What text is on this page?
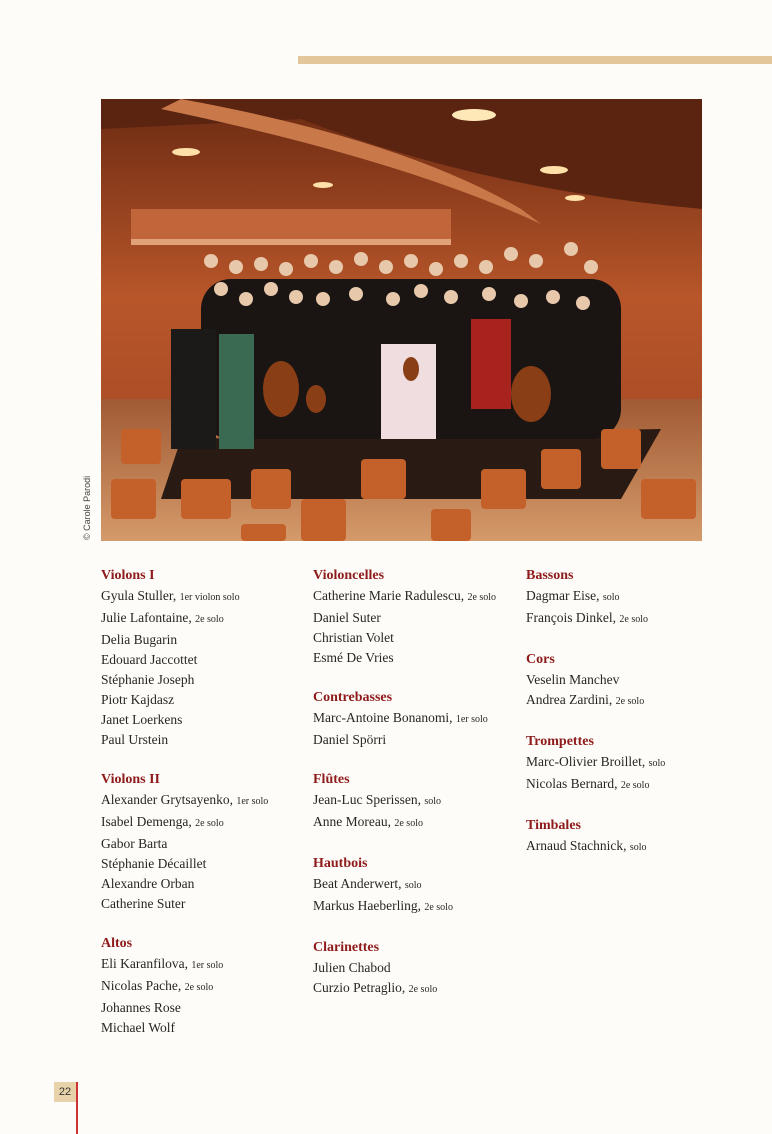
© Carole Parodi

Violons I

Gyula Stuller, 1er violon solo

Julie Lafontaine, 2e solo

Delia Bugarin

Edouard Jaccottet

Stéphanie Joseph

Piotr Kajdasz

Janet Loerkens

Paul Urstein

Violons II

Alexander Grytsayenko, 1er solo

Isabel Demenga, 2e solo

Gabor Barta

Stéphanie Décaillet

Alexandre Orban

Catherine Suter

Altos

Eli Karanfilova, 1er solo

Nicolas Pache, 2e solo

Johannes Rose

Michael Wolf

Violoncelles

Catherine Marie Radulescu, 2e solo

Daniel Suter

Christian Volet

Esmé De Vries

Contrebasses

Marc-Antoine Bonanomi, 1er solo

Daniel Spörri

Flûtes

Jean-Luc Sperissen, solo

Anne Moreau, 2e solo

Hautbois

Beat Anderwert, solo

Markus Haeberling, 2e solo

Clarinettes

Julien Chabod

Curzio Petraglio, 2e solo

Bassons

Dagmar Eise, solo

François Dinkel, 2e solo

Cors

Veselin Manchev

Andrea Zardini, 2e solo

Trompettes

Marc-Olivier Broillet, solo

Nicolas Bernard, 2e solo

Timbales

Arnaud Stachnick, solo

22
